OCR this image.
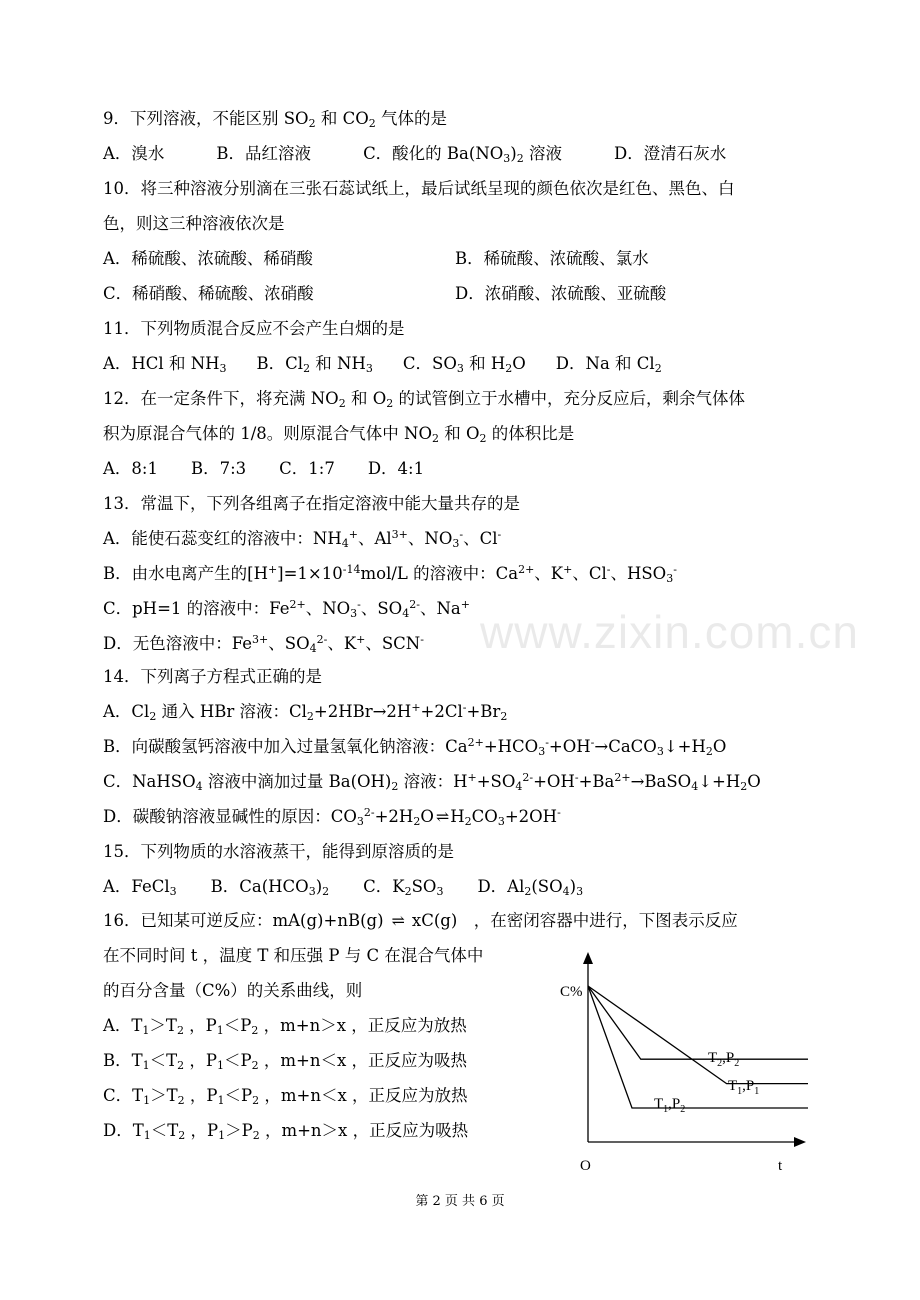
9．下列溶液，不能区别 $SO_2$ 和 $CO_2$ 气体的是
A．溴水	B．品红溶液	C．酸化的 $Ba(NO_3)_2$ 溶液	D．澄清石灰水
10．将三种溶液分别滴在三张石蕊试纸上，最后试纸呈现的颜色依次是红色、黑色、白
色，则这三种溶液依次是
A．稀硫酸、浓硫酸、稀硝酸	B．稀硫酸、浓硫酸、氯水
C．稀硝酸、稀硫酸、浓硝酸	D．浓硝酸、浓硫酸、亚硫酸
11．下列物质混合反应不会产生白烟的是
A．HCl 和 $NH_3$ B．$Cl_2$ 和 $NH_3$ C．$SO_3$ 和 $H_2O$ D．Na 和 $Cl_2$
12．在一定条件下，将充满 $NO_2$ 和 $O_2$ 的试管倒立于水槽中，充分反应后，剩余气体体
积为原混合气体的 1/8。则原混合气体中 $NO_2$ 和 $O_2$ 的体积比是
A．8:1　　B．7:3　　C．1:7　　D．4:1
13．常温下，下列各组离子在指定溶液中能大量共存的是
A．能使石蕊变红的溶液中：$NH_4^+$、$Al^{3+}$、$NO_3^-$、Cl-
B．由水电离产生的$[H^+]=1\times 10^{-14}mol/L$ 的溶液中：$Ca^{2+}$、K+、Cl-、$HSO_3^-$
C．pH=1 的溶液中：$Fe^{2+}$、$NO_3^-$、$SO_4^{2-}$、Na+
D．无色溶液中：$Fe^{3+}$、$SO_4^{2-}$、K+、SCN-
14．下列离子方程式正确的是
A．$Cl_2$ 通入 HBr 溶液：$Cl_2+2HBr\to 2H^++2Cl^-+Br_2$
B．向碳酸氢钙溶液中加入过量氢氧化钠溶液：$Ca^{2+}+HCO_3^-+OH^-\to CaCO_3↓+H_2O$
C．NaHSO$_4$ 溶液中滴加过量 $Ba(OH)_2$ 溶液：$H^++SO_4^{2-}+OH^-+Ba^{2+}\to BaSO_4↓+H_2O$
D．碳酸钠溶液显碱性的原因：$CO_3^{2-}+2H_2O$ ⇌ $H_2CO_3+2OH^-$
15．下列物质的水溶液蒸干，能得到原溶质的是
A．FeCl$_3$ B．$Ca(HCO_3)_2$ C．$K_2SO_3$ D．$Al_2(SO_4)_3$
16．已知某可逆反应：mA(g)+nB(g) ⇌ xC(g)　，在密闭容器中进行，下图表示反应
在不同时间 t ，温度 T 和压强 P 与 C 在混合气体中
的百分含量（C%）的关系曲线，则
A．$T_1>T_2$ ，$P_1<P_2$ ，m+n＞x ，正反应为放热
B．$T_1<T_2$ ，$P_1<P_2$ ，m+n＜x ，正反应为吸热
C．$T_1>T_2$ ，$P_1<P_2$ ，m+n＜x ，正反应为放热
D．$T_1<T_2$ ，$P_1>P_2$ ，m+n＞x ，正反应为吸热
C%
O	t
$T_2,P_2$
$T_1,P_1$
$T_1,P_2$
www.zixin.com.cn
第 2 页 共 6 页
